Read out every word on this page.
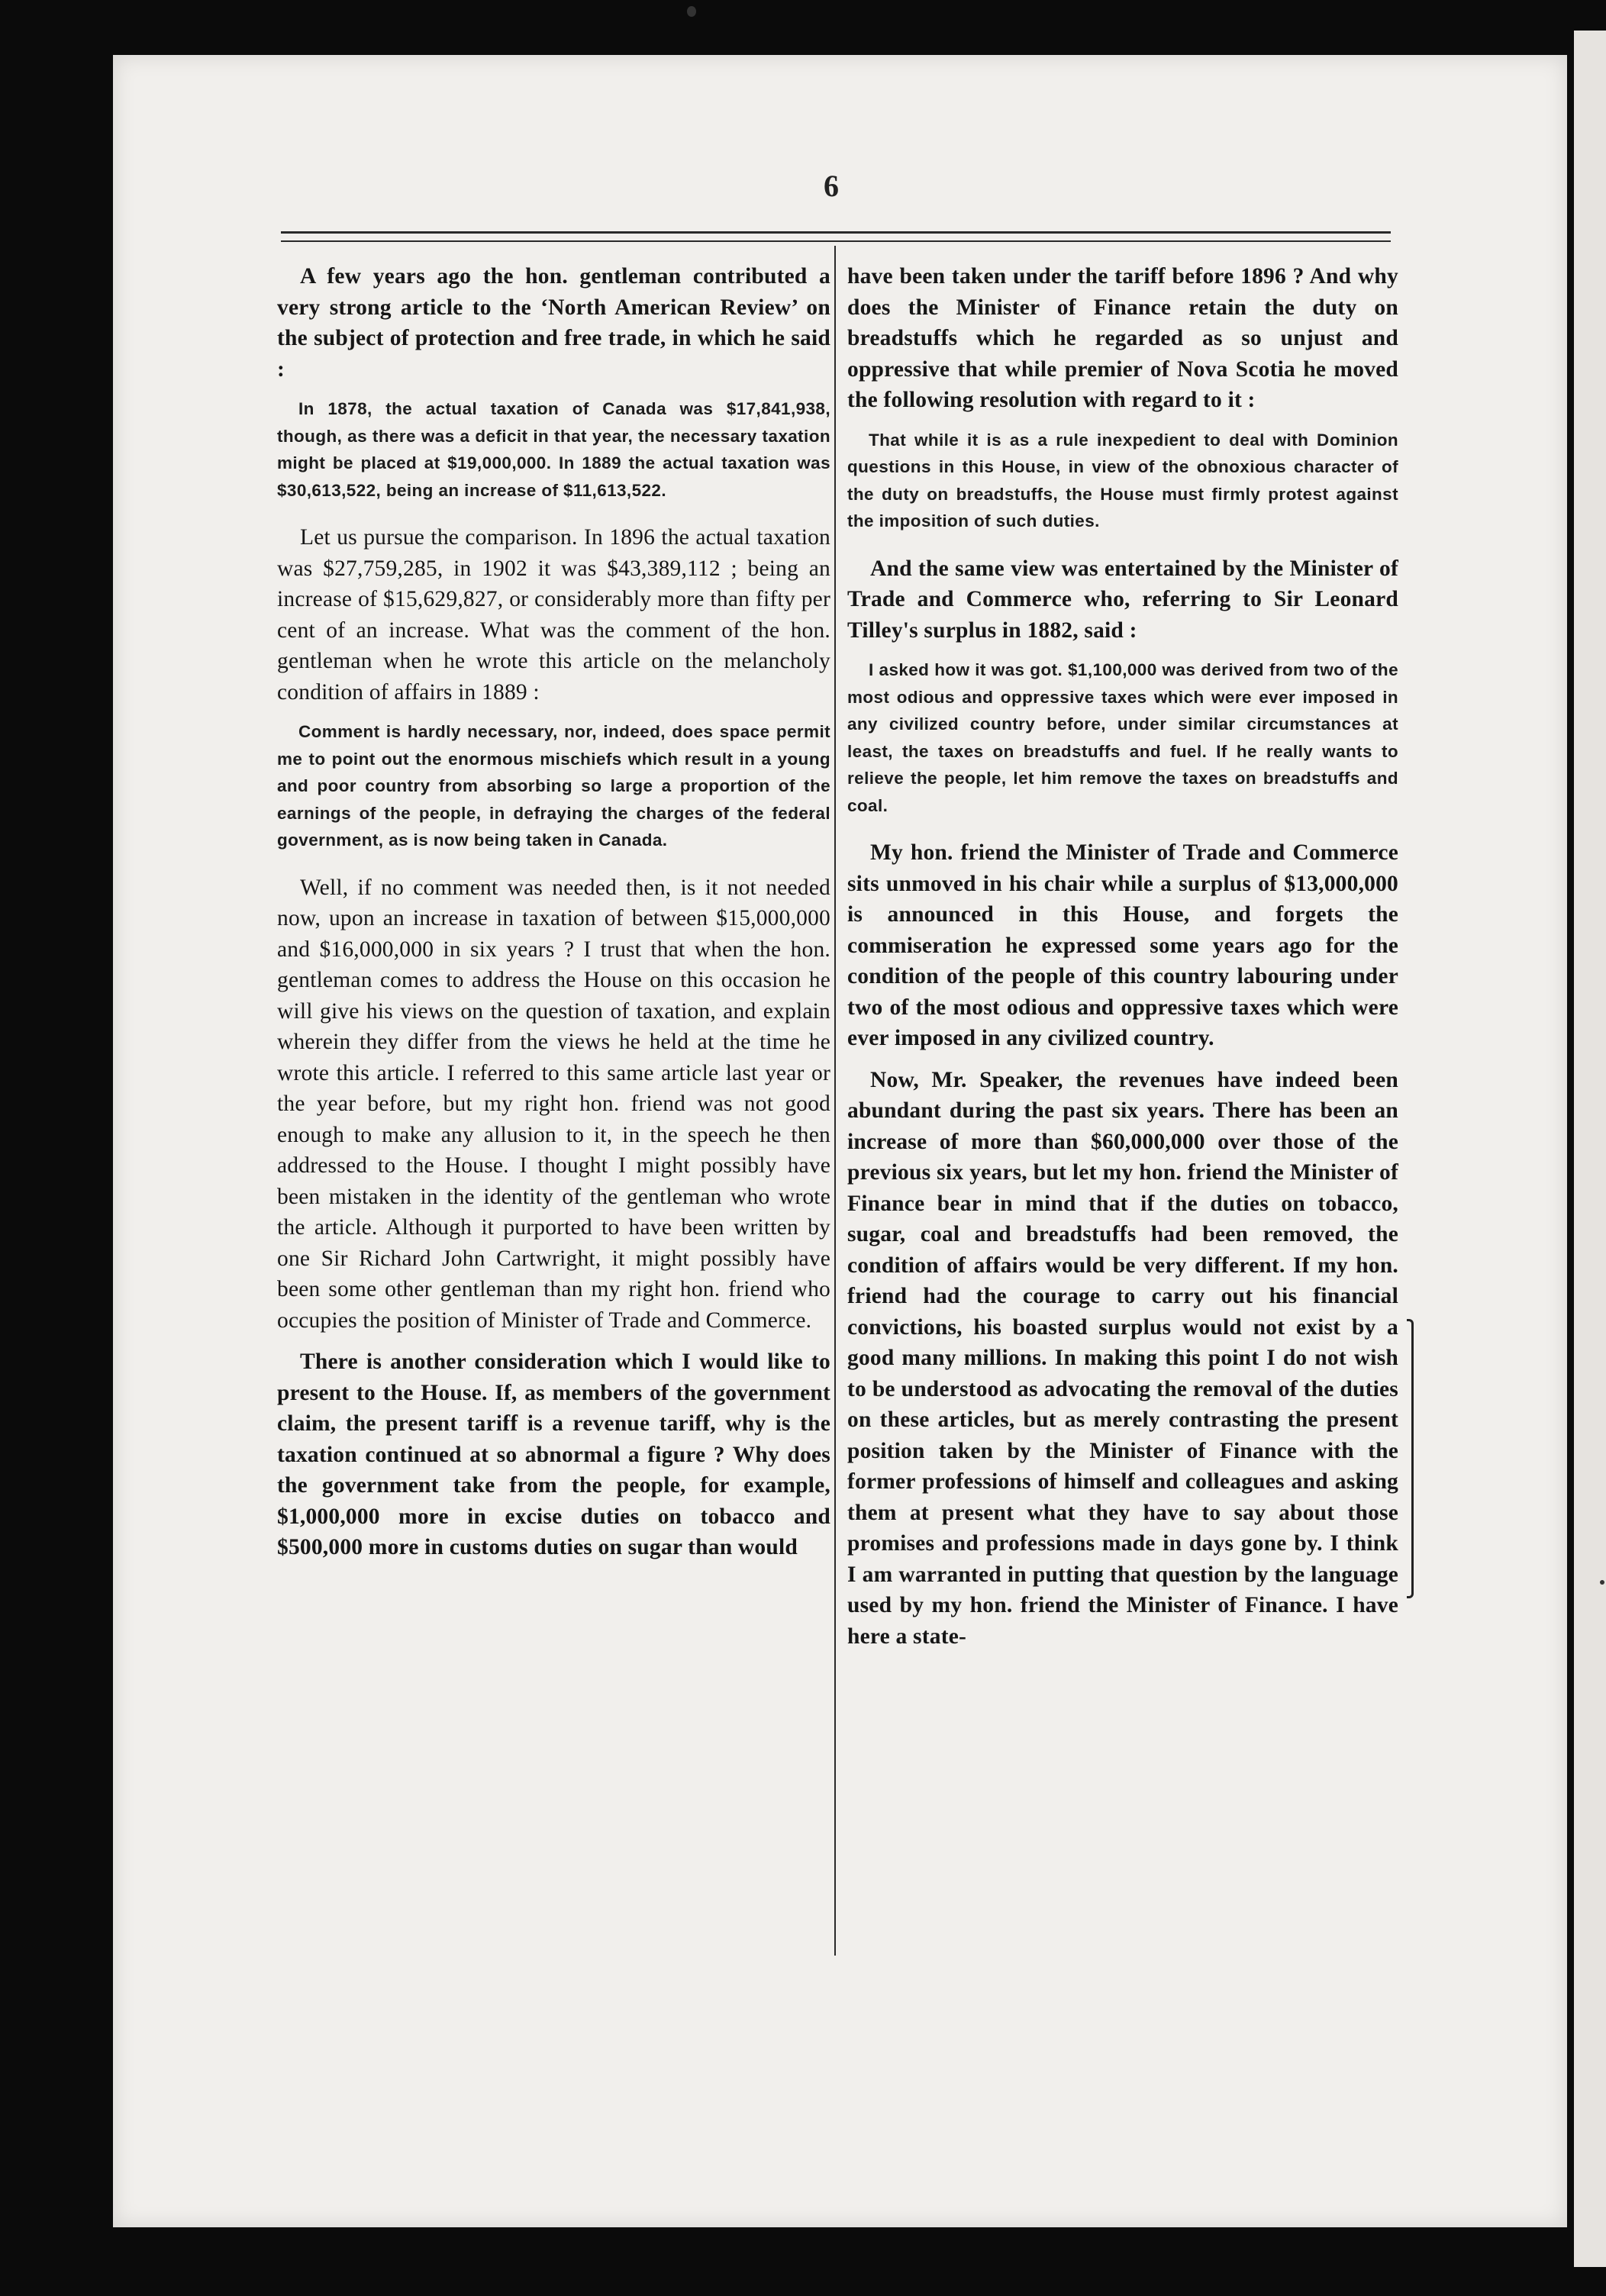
6

A few years ago the hon. gentleman contributed a very strong article to the ‘North American Review’ on the subject of protection and free trade, in which he said :

In 1878, the actual taxation of Canada was $17,841,938, though, as there was a deficit in that year, the necessary taxation might be placed at $19,000,000. In 1889 the actual taxation was $30,613,522, being an increase of $11,613,522.

Let us pursue the comparison. In 1896 the actual taxation was $27,759,285, in 1902 it was $43,389,112 ; being an increase of $15,629,827, or considerably more than fifty per cent of an increase. What was the comment of the hon. gentleman when he wrote this article on the melancholy condition of affairs in 1889 :

Comment is hardly necessary, nor, indeed, does space permit me to point out the enormous mischiefs which result in a young and poor country from absorbing so large a proportion of the earnings of the people, in defraying the charges of the federal government, as is now being taken in Canada.

Well, if no comment was needed then, is it not needed now, upon an increase in taxation of between $15,000,000 and $16,000,000 in six years ? I trust that when the hon. gentleman comes to address the House on this occasion he will give his views on the question of taxation, and explain wherein they differ from the views he held at the time he wrote this article. I referred to this same article last year or the year before, but my right hon. friend was not good enough to make any allusion to it, in the speech he then addressed to the House. I thought I might possibly have been mistaken in the identity of the gentleman who wrote the article. Although it purported to have been written by one Sir Richard John Cartwright, it might possibly have been some other gentleman than my right hon. friend who occupies the position of Minister of Trade and Commerce.

There is another consideration which I would like to present to the House. If, as members of the government claim, the present tariff is a revenue tariff, why is the taxation continued at so abnormal a figure ? Why does the government take from the people, for example, $1,000,000 more in excise duties on tobacco and $500,000 more in customs duties on sugar than would

have been taken under the tariff before 1896 ? And why does the Minister of Finance retain the duty on breadstuffs which he regarded as so unjust and oppressive that while premier of Nova Scotia he moved the following resolution with regard to it :

That while it is as a rule inexpedient to deal with Dominion questions in this House, in view of the obnoxious character of the duty on breadstuffs, the House must firmly protest against the imposition of such duties.

And the same view was entertained by the Minister of Trade and Commerce who, referring to Sir Leonard Tilley's surplus in 1882, said :

I asked how it was got. $1,100,000 was derived from two of the most odious and oppressive taxes which were ever imposed in any civilized country before, under similar circumstances at least, the taxes on breadstuffs and fuel. If he really wants to relieve the people, let him remove the taxes on breadstuffs and coal.

My hon. friend the Minister of Trade and Commerce sits unmoved in his chair while a surplus of $13,000,000 is announced in this House, and forgets the commiseration he expressed some years ago for the condition of the people of this country labouring under two of the most odious and oppressive taxes which were ever imposed in any civilized country.

Now, Mr. Speaker, the revenues have indeed been abundant during the past six years. There has been an increase of more than $60,000,000 over those of the previous six years, but let my hon. friend the Minister of Finance bear in mind that if the duties on tobacco, sugar, coal and breadstuffs had been removed, the condition of affairs would be very different. If my hon. friend had the courage to carry out his financial convictions, his boasted surplus would not exist by a good many millions. In making this point I do not wish to be understood as advocating the removal of the duties on these articles, but as merely contrasting the present position taken by the Minister of Finance with the former professions of himself and colleagues and asking them at present what they have to say about those promises and professions made in days gone by. I think I am warranted in putting that question by the language used by my hon. friend the Minister of Finance. I have here a state-
